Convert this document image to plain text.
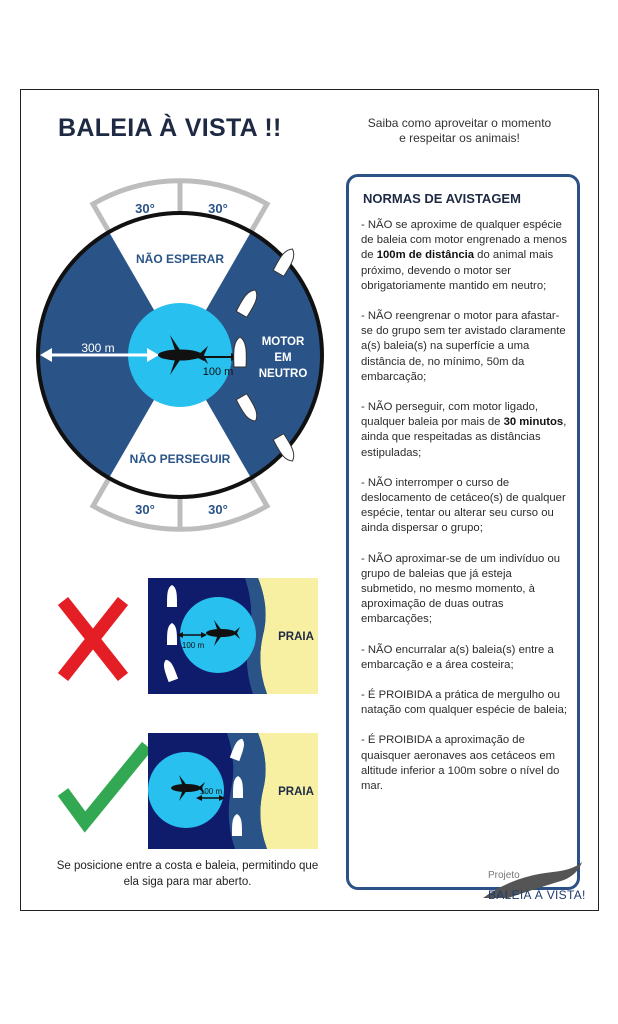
BALEIA À VISTA !!	Saiba como aproveitar o momento
e respeitar os animais!
30°	30°
30°	30°
NÃO ESPERAR
NÃO PERSEGUIR
MOTOR
EM
NEUTRO
300 m
100 m
100 m
PRAIA
100 m	PRAIA
Se posicione entre a costa e baleia, permitindo que
ela siga para mar aberto.
NORMAS DE AVISTAGEM
- NÃO se aproxime de qualquer espécie de baleia com motor engrenado a menos de 100m de distância do animal mais próximo, devendo o motor ser obrigatoriamente mantido em neutro;
- NÃO reengrenar o motor para afastar-se do grupo sem ter avistado claramente a(s) baleia(s) na superfície a uma distância de, no mínimo, 50m da embarcação;
- NÃO perseguir, com motor ligado, qualquer baleia por mais de 30 minutos, ainda que respeitadas as distâncias estipuladas;
- NÃO interromper o curso de deslocamento de cetáceo(s) de qualquer espécie, tentar ou alterar seu curso ou ainda dispersar o grupo;
- NÃO aproximar-se de um indivíduo ou grupo de baleias que já esteja submetido, no mesmo momento, à aproximação de duas outras embarcações;
- NÃO encurralar a(s) baleia(s) entre a embarcação e a área costeira;
- É PROIBIDA a prática de mergulho ou natação com qualquer espécie de baleia;
- É PROIBIDA a aproximação de quaisquer aeronaves aos cetáceos em altitude inferior a 100m sobre o nível do mar.
Projeto
BALEIA À VISTA!
